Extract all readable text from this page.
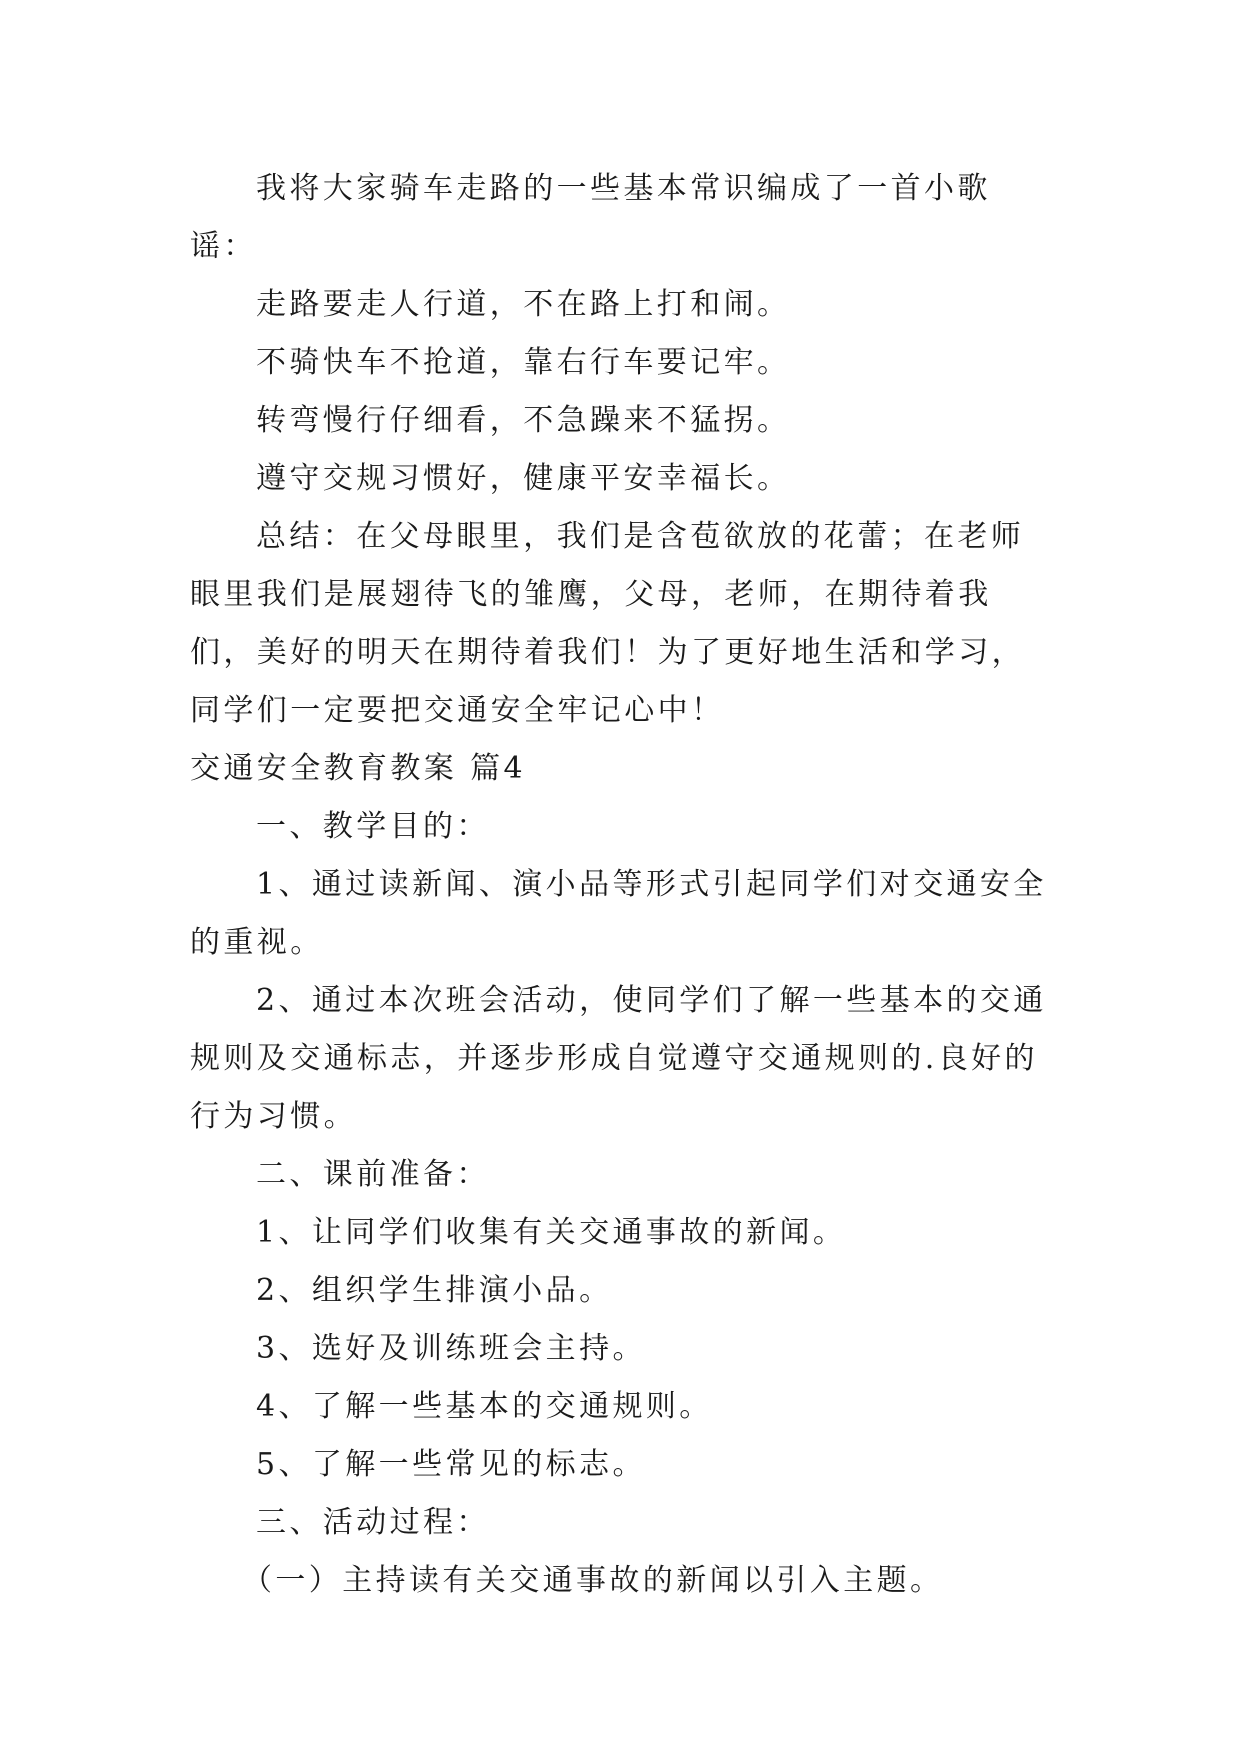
我将大家骑车走路的一些基本常识编成了一首小歌谣：

走路要走人行道，不在路上打和闹。

不骑快车不抢道，靠右行车要记牢。

转弯慢行仔细看，不急躁来不猛拐。

遵守交规习惯好，健康平安幸福长。

总结：在父母眼里，我们是含苞欲放的花蕾；在老师眼里我们是展翅待飞的雏鹰，父母，老师，在期待着我们，美好的明天在期待着我们！为了更好地生活和学习，同学们一定要把交通安全牢记心中！

交通安全教育教案 篇4

一、教学目的：

1、通过读新闻、演小品等形式引起同学们对交通安全的重视。

2、通过本次班会活动，使同学们了解一些基本的交通规则及交通标志，并逐步形成自觉遵守交通规则的.良好的行为习惯。

二、课前准备：

1、让同学们收集有关交通事故的新闻。

2、组织学生排演小品。

3、选好及训练班会主持。

4、了解一些基本的交通规则。

5、了解一些常见的标志。

三、活动过程：

（一）主持读有关交通事故的新闻以引入主题。
